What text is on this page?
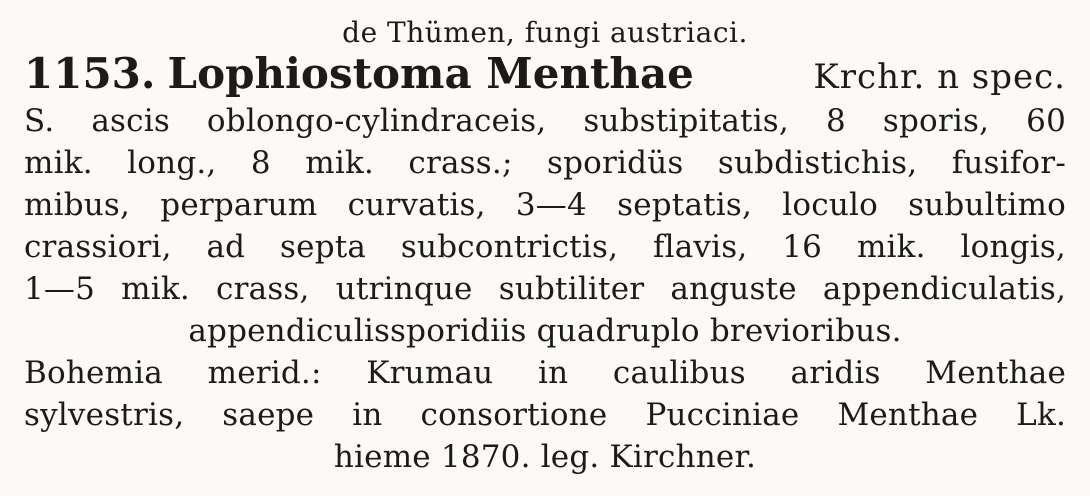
de Thümen, fungi austriaci.
1153. Lophiostoma Menthae	Krchr. n spec.
S. ascis oblongo-cylindraceis, substipitatis, 8 sporis, 60
mik. long., 8 mik. crass.; sporidüs subdistichis, fusifor-
mibus, perparum curvatis, 3—4 septatis, loculo subultimo
crassiori, ad septa subcontrictis, flavis, 16 mik. longis,
1—5 mik. crass, utrinque subtiliter anguste appendiculatis,
appendiculissporidiis quadruplo brevioribus.
Bohemia merid.: Krumau in caulibus aridis Menthae
sylvestris, saepe in consortione Pucciniae Menthae Lk.
hieme 1870. leg. Kirchner.
